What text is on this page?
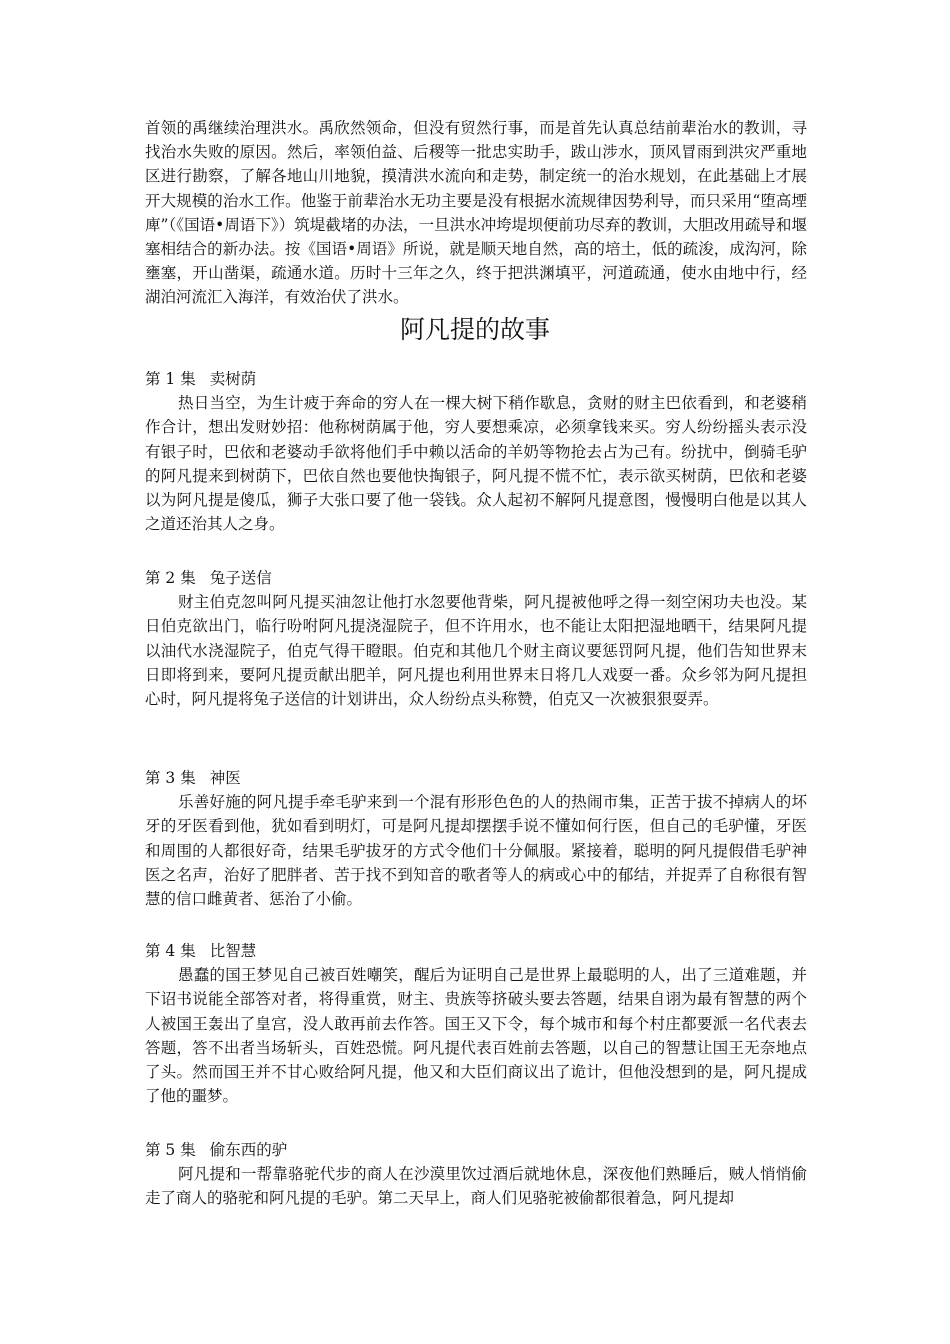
首领的禹继续治理洪水。禹欣然领命，但没有贸然行事，而是首先认真总结前辈治水的教训，寻找治水失败的原因。然后，率领伯益、后稷等一批忠实助手，跋山涉水，顶风冒雨到洪灾严重地区进行勘察，了解各地山川地貌，摸清洪水流向和走势，制定统一的治水规划，在此基础上才展开大规模的治水工作。他鉴于前辈治水无功主要是没有根据水流规律因势利导，而只采用“堕高堙庳”（《国语•周语下》）筑堤截堵的办法，一旦洪水冲垮堤坝便前功尽弃的教训，大胆改用疏导和堰塞相结合的新办法。按《国语•周语》所说，就是顺天地自然，高的培土，低的疏浚，成沟河，除壅塞，开山凿渠，疏通水道。历时十三年之久，终于把洪渊填平，河道疏通，使水由地中行，经湖泊河流汇入海洋，有效治伏了洪水。

阿凡提的故事

第 1 集 卖树荫

热日当空，为生计疲于奔命的穷人在一棵大树下稍作歇息，贪财的财主巴依看到，和老婆稍作合计，想出发财妙招：他称树荫属于他，穷人要想乘凉，必须拿钱来买。穷人纷纷摇头表示没有银子时，巴依和老婆动手欲将他们手中赖以活命的羊奶等物抢去占为己有。纷扰中，倒骑毛驴的阿凡提来到树荫下，巴依自然也要他快掏银子，阿凡提不慌不忙，表示欲买树荫，巴依和老婆以为阿凡提是傻瓜，狮子大张口要了他一袋钱。众人起初不解阿凡提意图，慢慢明白他是以其人之道还治其人之身。

第 2 集 兔子送信

财主伯克忽叫阿凡提买油忽让他打水忽要他背柴，阿凡提被他呼之得一刻空闲功夫也没。某日伯克欲出门，临行吩咐阿凡提浇湿院子，但不许用水，也不能让太阳把湿地晒干，结果阿凡提以油代水浇湿院子，伯克气得干瞪眼。伯克和其他几个财主商议要惩罚阿凡提，他们告知世界末日即将到来，要阿凡提贡献出肥羊，阿凡提也利用世界末日将几人戏耍一番。众乡邻为阿凡提担心时，阿凡提将兔子送信的计划讲出，众人纷纷点头称赞，伯克又一次被狠狠耍弄。

第 3 集 神医

乐善好施的阿凡提手牵毛驴来到一个混有形形色色的人的热闹市集，正苦于拔不掉病人的坏牙的牙医看到他，犹如看到明灯，可是阿凡提却摆摆手说不懂如何行医，但自己的毛驴懂，牙医和周围的人都很好奇，结果毛驴拔牙的方式令他们十分佩服。紧接着，聪明的阿凡提假借毛驴神医之名声，治好了肥胖者、苦于找不到知音的歌者等人的病或心中的郁结，并捉弄了自称很有智慧的信口雌黄者、惩治了小偷。

第 4 集 比智慧

愚蠢的国王梦见自己被百姓嘲笑，醒后为证明自己是世界上最聪明的人，出了三道难题，并下诏书说能全部答对者，将得重赏，财主、贵族等挤破头要去答题，结果自诩为最有智慧的两个人被国王轰出了皇宫，没人敢再前去作答。国王又下令，每个城市和每个村庄都要派一名代表去答题，答不出者当场斩头，百姓恐慌。阿凡提代表百姓前去答题，以自己的智慧让国王无奈地点了头。然而国王并不甘心败给阿凡提，他又和大臣们商议出了诡计，但他没想到的是，阿凡提成了他的噩梦。

第 5 集 偷东西的驴

阿凡提和一帮靠骆驼代步的商人在沙漠里饮过酒后就地休息，深夜他们熟睡后，贼人悄悄偷走了商人的骆驼和阿凡提的毛驴。第二天早上，商人们见骆驼被偷都很着急，阿凡提却
